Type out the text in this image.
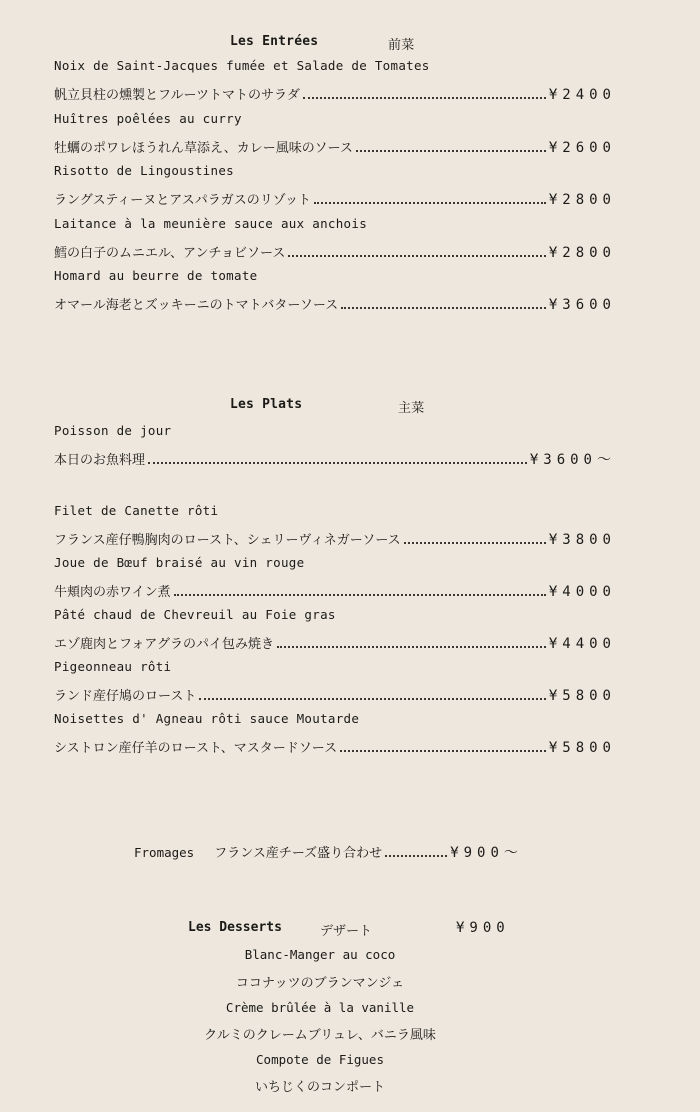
Les Entrées	前菜
Noix de Saint-Jacques fumée et Salade de Tomates
帆立貝柱の燻製とフルーツトマトのサラダ	¥2400
Huîtres poêlées au curry
牡蠣のポワレほうれん草添え、カレー風味のソース	¥2600
Risotto de Lingoustines
ラングスティーヌとアスパラガスのリゾット	¥2800
Laitance à la meunière sauce aux anchois
鱈の白子のムニエル、アンチョビソース	¥2800
Homard au beurre de tomate
オマール海老とズッキーニのトマトバターソース	¥3600
Les Plats	主菜
Poisson de jour
本日のお魚料理	¥3600～
Filet de Canette rôti
フランス産仔鴨胸肉のロースト、シェリーヴィネガーソース	¥3800
Joue de Bœuf braisé au vin rouge
牛頬肉の赤ワイン煮	¥4000
Pâté chaud de Chevreuil au Foie gras
エゾ鹿肉とフォアグラのパイ包み焼き	¥4400
Pigeonneau rôti
ランド産仔鳩のロースト	¥5800
Noisettes d' Agneau rôti sauce Moutarde
シストロン産仔羊のロースト、マスタードソース	¥5800
Fromages フランス産チーズ盛り合わせ	¥900～
Les Desserts	デザート	¥900
Blanc-Manger au coco
ココナッツのブランマンジェ
Crème brûlée à la vanille
クルミのクレームブリュレ、バニラ風味
Compote de Figues
いちじくのコンポート
